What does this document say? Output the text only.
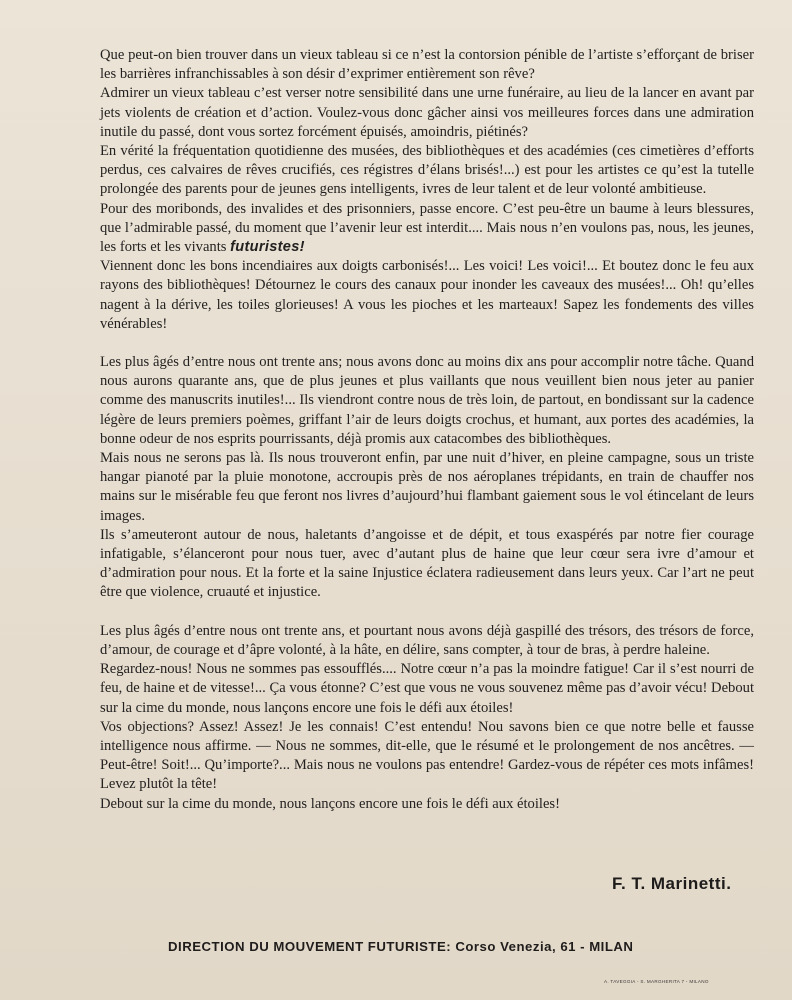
Que peut-on bien trouver dans un vieux tableau si ce n’est la contorsion pénible de l’artiste s’efforçant de briser les barrières infranchissables à son désir d’exprimer entièrement son rêve?

Admirer un vieux tableau c’est verser notre sensibilité dans une urne funéraire, au lieu de la lancer en avant par jets violents de création et d’action. Voulez-vous donc gâcher ainsi vos meilleures forces dans une admiration inutile du passé, dont vous sortez forcément épuisés, amoindris, piétinés?

En vérité la fréquentation quotidienne des musées, des bibliothèques et des académies (ces cimetières d’efforts perdus, ces calvaires de rêves crucifiés, ces régistres d’élans brisés!...) est pour les artistes ce qu’est la tutelle prolongée des parents pour de jeunes gens intelligents, ivres de leur talent et de leur volonté ambitieuse.

Pour des moribonds, des invalides et des prisonniers, passe encore. C’est peu-être un baume à leurs blessures, que l’admirable passé, du moment que l’avenir leur est interdit.... Mais nous n’en voulons pas, nous, les jeunes, les forts et les vivants futuristes!

Viennent donc les bons incendiaires aux doigts carbonisés!... Les voici! Les voici!... Et boutez donc le feu aux rayons des bibliothèques! Détournez le cours des canaux pour inonder les caveaux des musées!... Oh! qu’elles nagent à la dérive, les toiles glorieuses! A vous les pioches et les marteaux! Sapez les fondements des villes vénérables!

Les plus âgés d’entre nous ont trente ans; nous avons donc au moins dix ans pour accomplir notre tâche. Quand nous aurons quarante ans, que de plus jeunes et plus vaillants que nous veuillent bien nous jeter au panier comme des manuscrits inutiles!... Ils viendront contre nous de très loin, de partout, en bondissant sur la cadence légère de leurs premiers poèmes, griffant l’air de leurs doigts crochus, et humant, aux portes des académies, la bonne odeur de nos esprits pourrissants, déjà promis aux catacombes des bibliothèques.

Mais nous ne serons pas là. Ils nous trouveront enfin, par une nuit d’hiver, en pleine campagne, sous un triste hangar pianoté par la pluie monotone, accroupis près de nos aéroplanes trépidants, en train de chauffer nos mains sur le misérable feu que feront nos livres d’aujourd’hui flambant gaiement sous le vol étincelant de leurs images.

Ils s’ameuteront autour de nous, haletants d’angoisse et de dépit, et tous exaspérés par notre fier courage infatigable, s’élanceront pour nous tuer, avec d’autant plus de haine que leur cœur sera ivre d’amour et d’admiration pour nous. Et la forte et la saine Injustice éclatera radieusement dans leurs yeux. Car l’art ne peut être que violence, cruauté et injustice.

Les plus âgés d’entre nous ont trente ans, et pourtant nous avons déjà gaspillé des trésors, des trésors de force, d’amour, de courage et d’âpre volonté, à la hâte, en délire, sans compter, à tour de bras, à perdre haleine.

Regardez-nous! Nous ne sommes pas essoufflés.... Notre cœur n’a pas la moindre fatigue! Car il s’est nourri de feu, de haine et de vitesse!... Ça vous étonne? C’est que vous ne vous souvenez même pas d’avoir vécu! Debout sur la cime du monde, nous lançons encore une fois le défi aux étoiles!

Vos objections? Assez! Assez! Je les connais! C’est entendu! Nou savons bien ce que notre belle et fausse intelligence nous affirme. — Nous ne sommes, dit-elle, que le résumé et le prolongement de nos ancêtres. — Peut-être! Soit!... Qu’importe?... Mais nous ne voulons pas entendre! Gardez-vous de répéter ces mots infâmes! Levez plutôt la tête!

Debout sur la cime du monde, nous lançons encore une fois le défi aux étoiles!

F. T. Marinetti.
DIRECTION DU MOUVEMENT FUTURISTE: Corso Venezia, 61 - MILAN
A. TAVEGGIA - S. MARGHERITA 7 - MILANO
